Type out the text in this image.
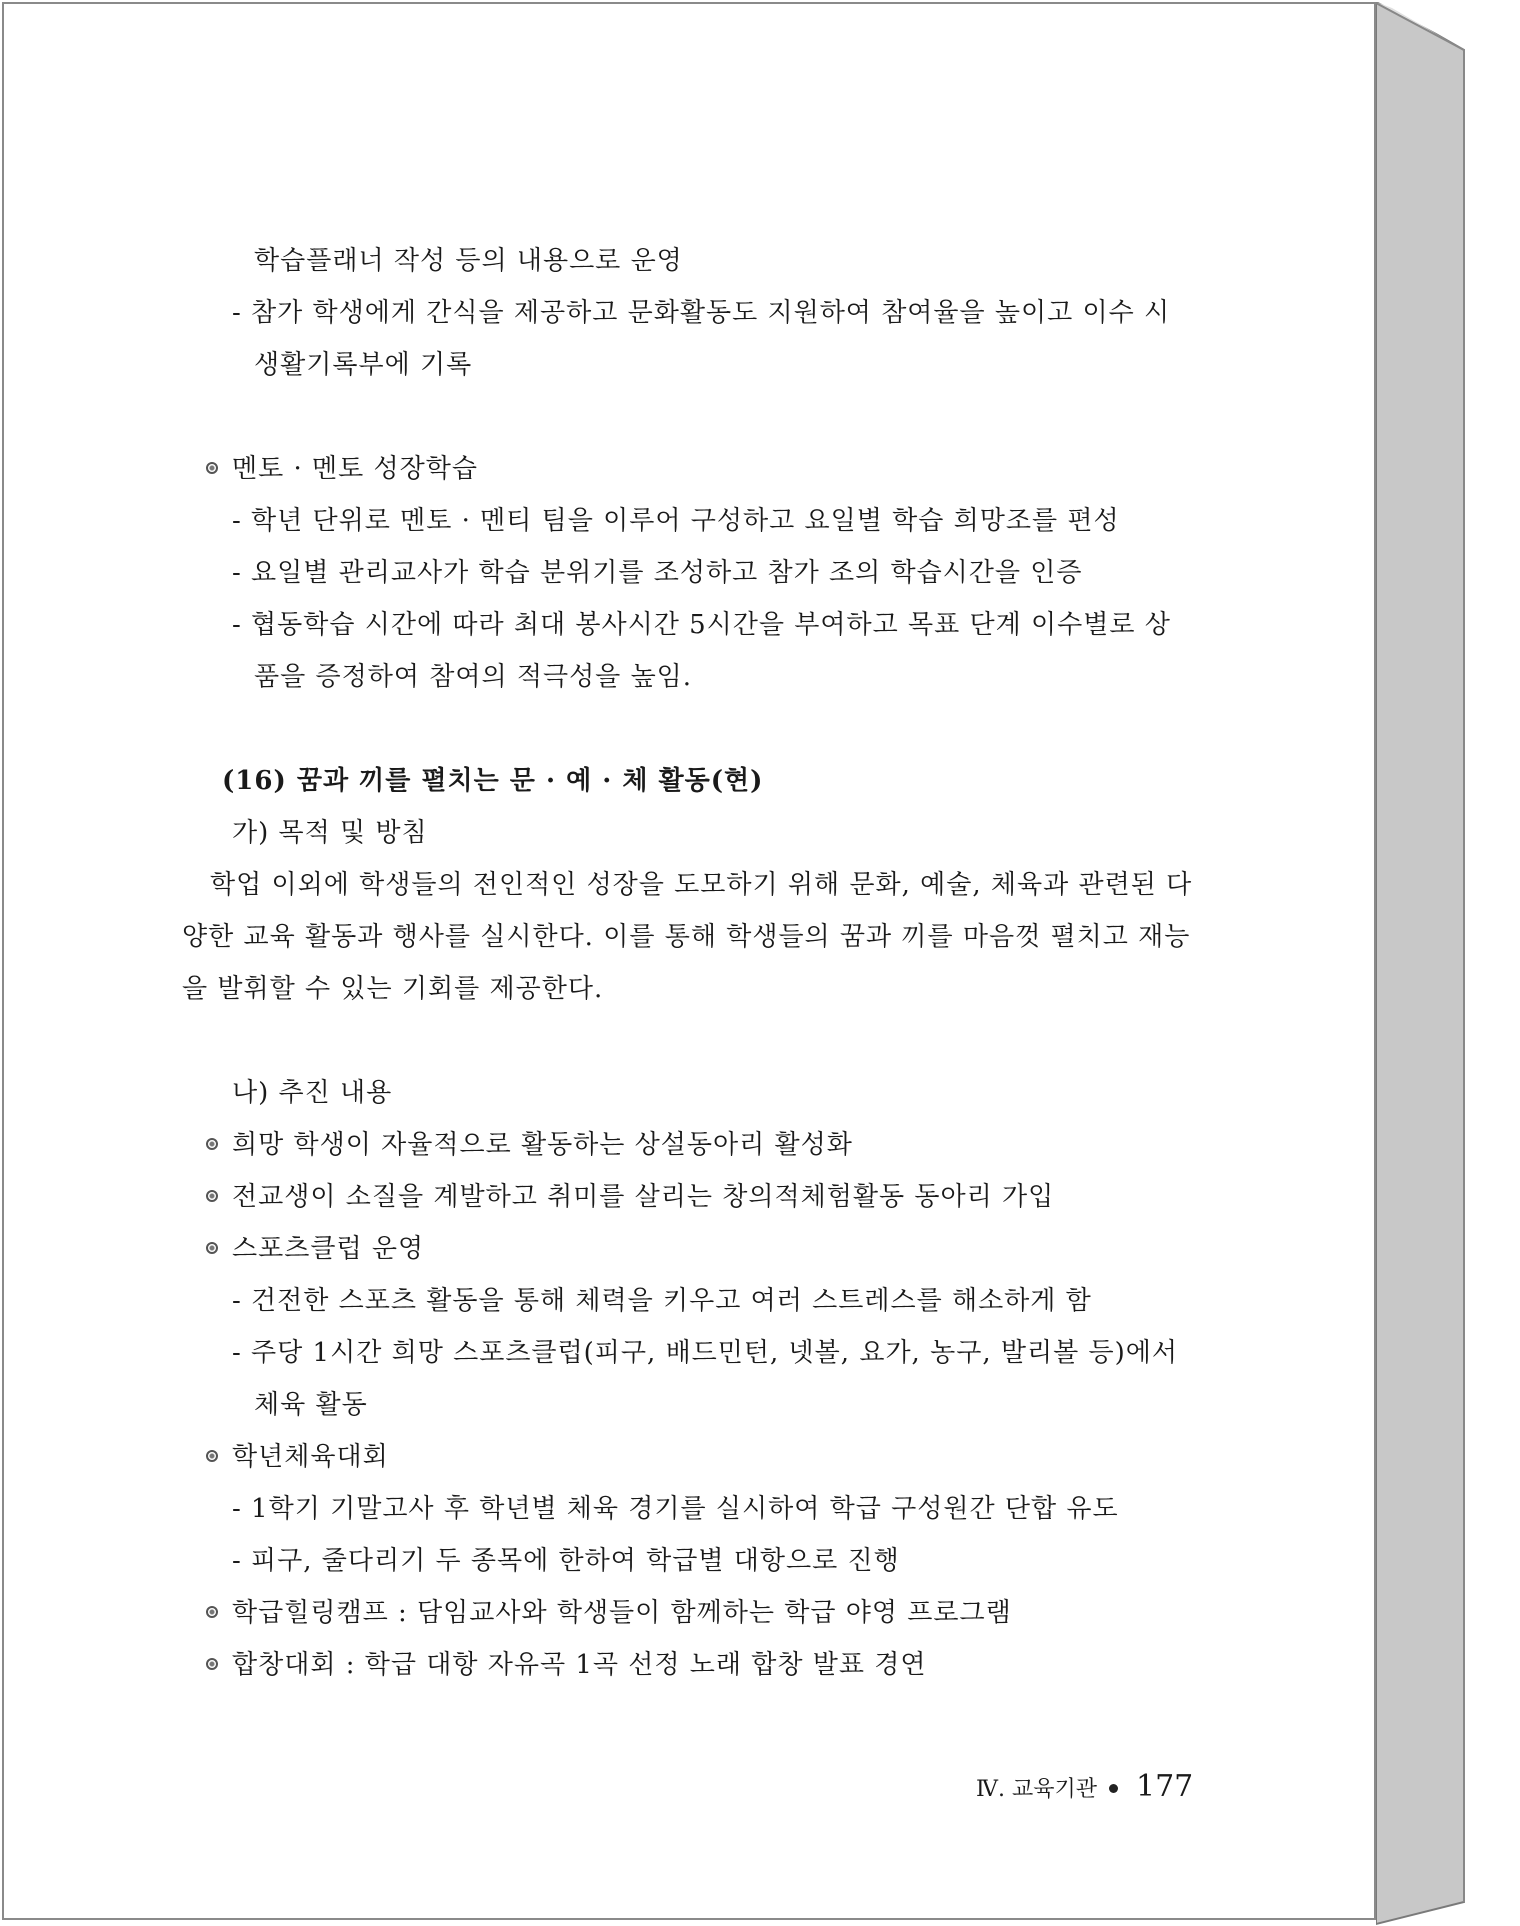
학습플래너 작성 등의 내용으로 운영
- 참가 학생에게 간식을 제공하고 문화활동도 지원하여 참여율을 높이고 이수 시
생활기록부에 기록
멘토 · 멘토 성장학습
- 학년 단위로 멘토 · 멘티 팀을 이루어 구성하고 요일별 학습 희망조를 편성
- 요일별 관리교사가 학습 분위기를 조성하고 참가 조의 학습시간을 인증
- 협동학습 시간에 따라 최대 봉사시간 5시간을 부여하고 목표 단계 이수별로 상
품을 증정하여 참여의 적극성을 높임.
(16) 꿈과 끼를 펼치는 문 · 예 · 체 활동(현)
가) 목적 및 방침
학업 이외에 학생들의 전인적인 성장을 도모하기 위해 문화, 예술, 체육과 관련된 다
양한 교육 활동과 행사를 실시한다. 이를 통해 학생들의 꿈과 끼를 마음껏 펼치고 재능
을 발휘할 수 있는 기회를 제공한다.
나) 추진 내용
희망 학생이 자율적으로 활동하는 상설동아리 활성화
전교생이 소질을 계발하고 취미를 살리는 창의적체험활동 동아리 가입
스포츠클럽 운영
- 건전한 스포츠 활동을 통해 체력을 키우고 여러 스트레스를 해소하게 함
- 주당 1시간 희망 스포츠클럽(피구, 배드민턴, 넷볼, 요가, 농구, 발리볼 등)에서
체육 활동
학년체육대회
- 1학기 기말고사 후 학년별 체육 경기를 실시하여 학급 구성원간 단합 유도
- 피구, 줄다리기 두 종목에 한하여 학급별 대항으로 진행
학급힐링캠프 : 담임교사와 학생들이 함께하는 학급 야영 프로그램
합창대회 : 학급 대항 자유곡 1곡 선정 노래 합창 발표 경연
Ⅳ. 교육기관 177
